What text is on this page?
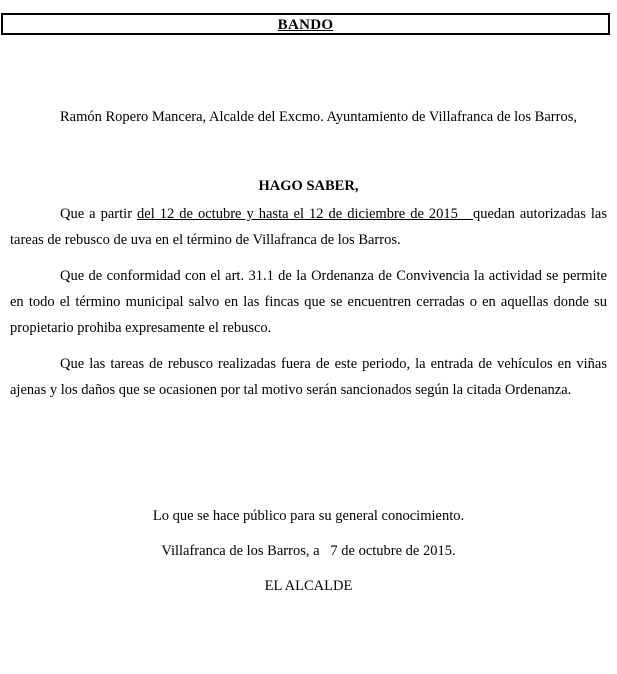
BANDO

Ramón Ropero Mancera, Alcalde del Excmo. Ayuntamiento de Villafranca de los Barros,

HAGO SABER,

Que a partir del 12 de octubre y hasta el 12 de diciembre de 2015   quedan autorizadas las tareas de rebusco de uva en el término de Villafranca de los Barros.

Que de conformidad con el art. 31.1 de la Ordenanza de Convivencia la actividad se permite en todo el término municipal salvo en las fincas que se encuentren cerradas o en aquellas donde su propietario prohiba expresamente el rebusco.

Que las tareas de rebusco realizadas fuera de este periodo, la entrada de vehículos en viñas ajenas y los daños que se ocasionen por tal motivo serán sancionados según la citada Ordenanza.

Lo que se hace público para su general conocimiento.

Villafranca de los Barros, a   7 de octubre de 2015.

EL ALCALDE
